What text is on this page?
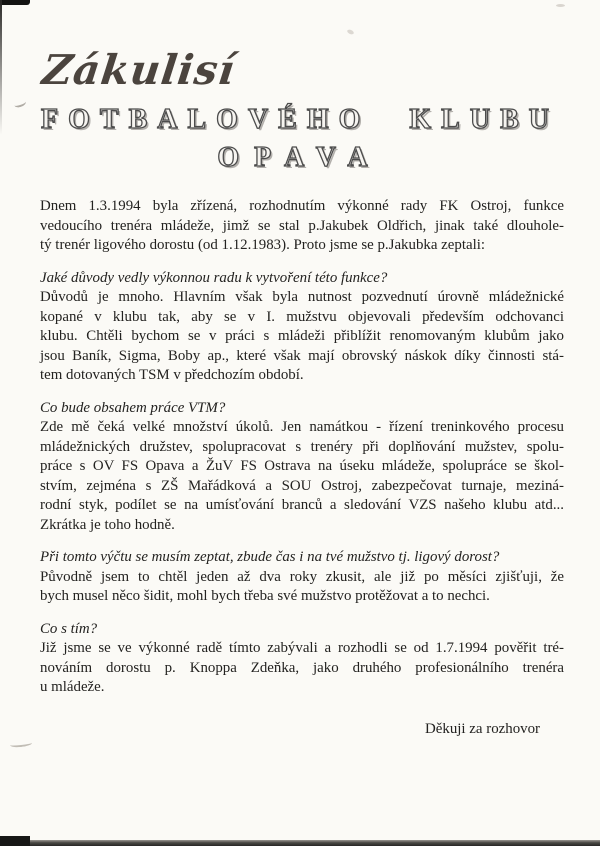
Zákulisí
FOTBALOVÉHO KLUBU
OPAVA

Dnem 1.3.1994 byla zřízená, rozhodnutím výkonné rady FK Ostroj, funkce
vedoucího trenéra mládeže, jimž se stal p.Jakubek Oldřich, jinak také dlouhole-
tý trenér ligového dorostu (od 1.12.1983). Proto jsme se p.Jakubka zeptali:

Jaké důvody vedly výkonnou radu k vytvoření této funkce?

Důvodů je mnoho. Hlavním však byla nutnost pozvednutí úrovně mládežnické
kopané v klubu tak, aby se v I. mužstvu objevovali především odchovanci
klubu. Chtěli bychom se v práci s mládeži přiblížit renomovaným klubům jako
jsou Baník, Sigma, Boby ap., které však mají obrovský náskok díky činnosti stá-
tem dotovaných TSM v předchozím období.

Co bude obsahem práce VTM?

Zde mě čeká velké množství úkolů. Jen namátkou - řízení treninkového procesu
mládežnických družstev, spolupracovat s trenéry při doplňování mužstev, spolu-
práce s OV FS Opava a ŽuV FS Ostrava na úseku mládeže, spolupráce se škol-
stvím, zejména s ZŠ Mařádková a SOU Ostroj, zabezpečovat turnaje, meziná-
rodní styk, podílet se na umísťování branců a sledování VZS našeho klubu atd...
Zkrátka je toho hodně.

Při tomto výčtu se musím zeptat, zbude čas i na tvé mužstvo tj. ligový dorost?

Původně jsem to chtěl jeden až dva roky zkusit, ale již po měsíci zjišťuji, že
bych musel něco šidit, mohl bych třeba své mužstvo protěžovat a to nechci.

Co s tím?

Již jsme se ve výkonné radě tímto zabývali a rozhodli se od 1.7.1994 pověřit tré-
nováním dorostu p. Knoppa Zdeňka, jako druhého profesionálního trenéra
u mládeže.

Děkuji za rozhovor
